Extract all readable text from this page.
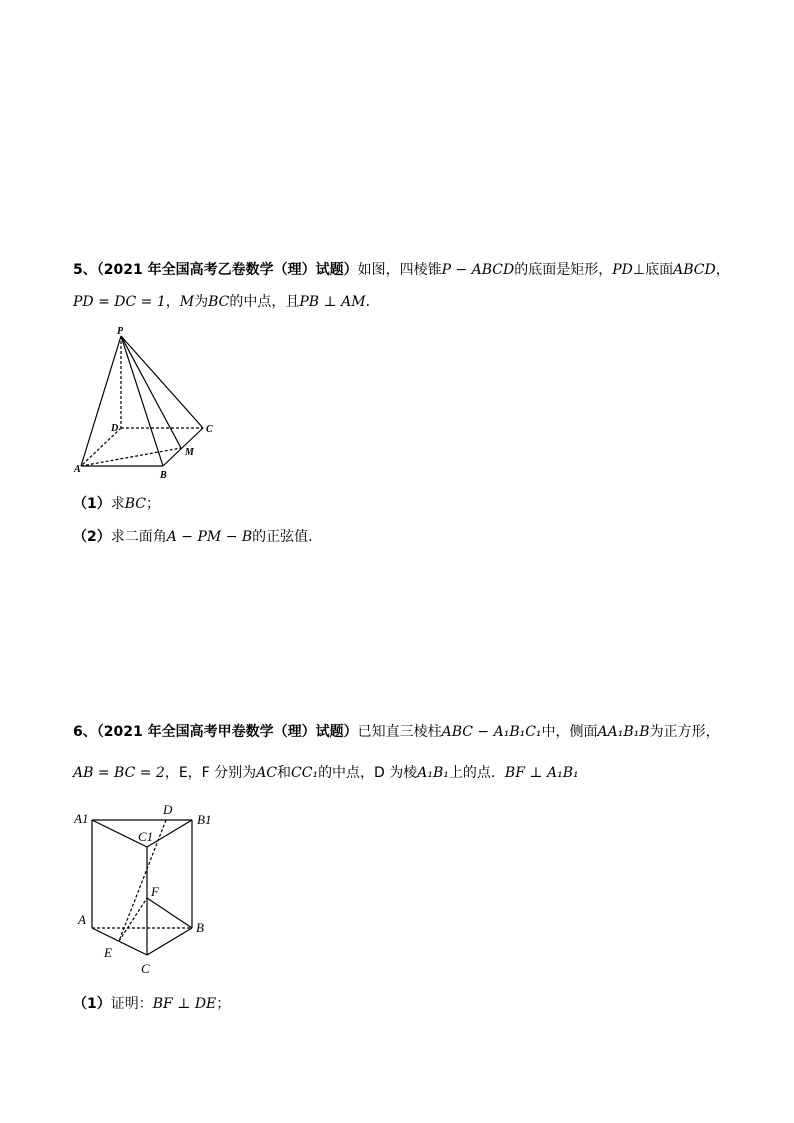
5、（2021 年全国高考乙卷数学（理）试题）如图，四棱锥P − ABCD的底面是矩形，PD⊥底面ABCD，
PD = DC = 1，M为BC的中点，且PB ⊥ AM．
P
D	C
M
A
B
（1）求BC；
（2）求二面角A − PM − B的正弦值．
6、（2021 年全国高考甲卷数学（理）试题）已知直三棱柱ABC − A₁B₁C₁中，侧面AA₁B₁B为正方形，
AB = BC = 2，E，F 分别为AC和CC₁的中点，D 为棱A₁B₁上的点．BF ⊥ A₁B₁
D
A1	B1
C1
F
A
B
E
C
（1）证明：BF ⊥ DE；
